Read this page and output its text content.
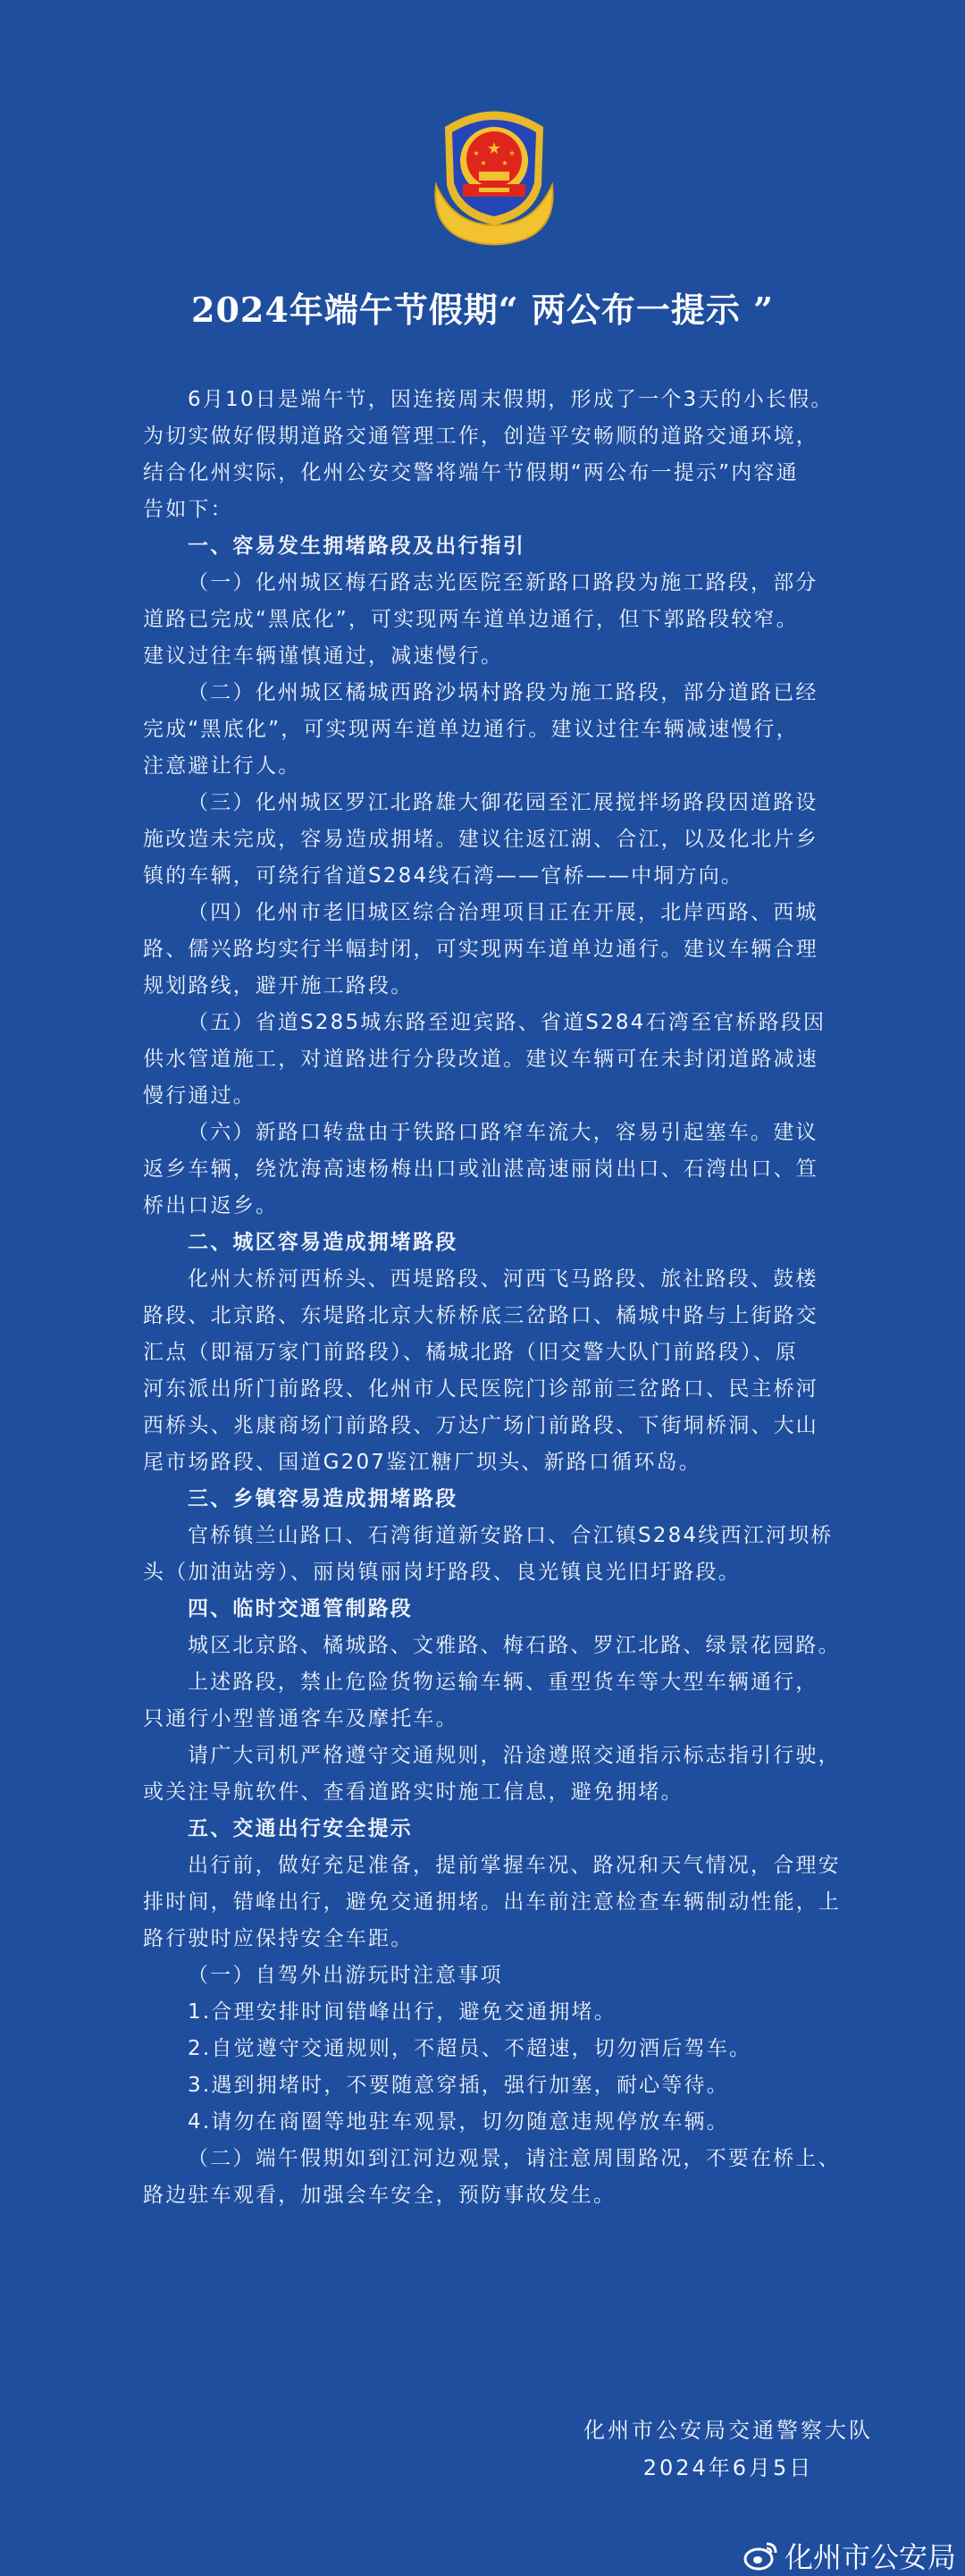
★
★	★
★ ★
2024年端午节假期“ 两公布一提示 ”
6月10日是端午节，因连接周末假期，形成了一个3天的小长假。
为切实做好假期道路交通管理工作，创造平安畅顺的道路交通环境，
结合化州实际，化州公安交警将端午节假期“两公布一提示”内容通
告如下：
一、容易发生拥堵路段及出行指引
（一）化州城区梅石路志光医院至新路口路段为施工路段，部分
道路已完成“黑底化”，可实现两车道单边通行，但下郭路段较窄。
建议过往车辆谨慎通过，减速慢行。
（二）化州城区橘城西路沙埚村路段为施工路段，部分道路已经
完成“黑底化”，可实现两车道单边通行。建议过往车辆减速慢行，
注意避让行人。
（三）化州城区罗江北路雄大御花园至汇展搅拌场路段因道路设
施改造未完成，容易造成拥堵。建议往返江湖、合江，以及化北片乡
镇的车辆，可绕行省道S284线石湾——官桥——中垌方向。
（四）化州市老旧城区综合治理项目正在开展，北岸西路、西城
路、儒兴路均实行半幅封闭，可实现两车道单边通行。建议车辆合理
规划路线，避开施工路段。
（五）省道S285城东路至迎宾路、省道S284石湾至官桥路段因
供水管道施工，对道路进行分段改道。建议车辆可在未封闭道路减速
慢行通过。
（六）新路口转盘由于铁路口路窄车流大，容易引起塞车。建议
返乡车辆，绕沈海高速杨梅出口或汕湛高速丽岗出口、石湾出口、笪
桥出口返乡。
二、城区容易造成拥堵路段
化州大桥河西桥头、西堤路段、河西飞马路段、旅社路段、鼓楼
路段、北京路、东堤路北京大桥桥底三岔路口、橘城中路与上街路交
汇点（即福万家门前路段）、橘城北路（旧交警大队门前路段）、原
河东派出所门前路段、化州市人民医院门诊部前三岔路口、民主桥河
西桥头、兆康商场门前路段、万达广场门前路段、下街垌桥洞、大山
尾市场路段、国道G207鉴江糖厂坝头、新路口循环岛。
三、乡镇容易造成拥堵路段
官桥镇兰山路口、石湾街道新安路口、合江镇S284线西江河坝桥
头（加油站旁）、丽岗镇丽岗圩路段、良光镇良光旧圩路段。
四、临时交通管制路段
城区北京路、橘城路、文雅路、梅石路、罗江北路、绿景花园路。
上述路段，禁止危险货物运输车辆、重型货车等大型车辆通行，
只通行小型普通客车及摩托车。
请广大司机严格遵守交通规则，沿途遵照交通指示标志指引行驶，
或关注导航软件、查看道路实时施工信息，避免拥堵。
五、交通出行安全提示
出行前，做好充足准备，提前掌握车况、路况和天气情况，合理安
排时间，错峰出行，避免交通拥堵。出车前注意检查车辆制动性能，上
路行驶时应保持安全车距。
（一）自驾外出游玩时注意事项
1.合理安排时间错峰出行，避免交通拥堵。
2.自觉遵守交通规则，不超员、不超速，切勿酒后驾车。
3.遇到拥堵时，不要随意穿插，强行加塞，耐心等待。
4.请勿在商圈等地驻车观景，切勿随意违规停放车辆。
（二）端午假期如到江河边观景，请注意周围路况，不要在桥上、
路边驻车观看，加强会车安全，预防事故发生。
化州市公安局交通警察大队
2024年6月5日
化州市公安局
